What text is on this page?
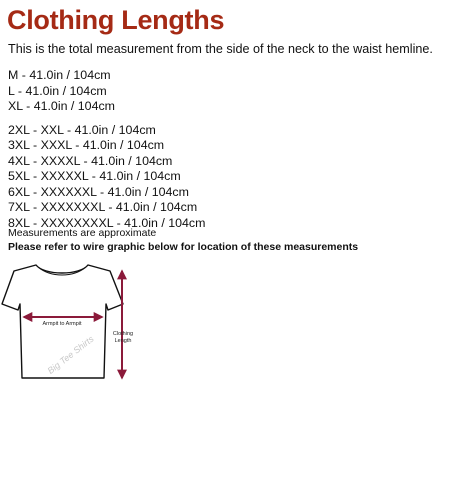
Clothing Lengths
This is the total measurement from the side of the neck to the waist hemline.
M - 41.0in / 104cm
L - 41.0in / 104cm
XL - 41.0in / 104cm
2XL - XXL - 41.0in / 104cm
3XL - XXXL - 41.0in / 104cm
4XL - XXXXL - 41.0in / 104cm
5XL - XXXXXL - 41.0in / 104cm
6XL - XXXXXXL - 41.0in / 104cm
7XL - XXXXXXXL - 41.0in / 104cm
8XL - XXXXXXXXL - 41.0in / 104cm
Measurements are approximate
Please refer to wire graphic below for location of these measurements
Armpit to Armpit
Clothing
Length
Big Tee Shirts
